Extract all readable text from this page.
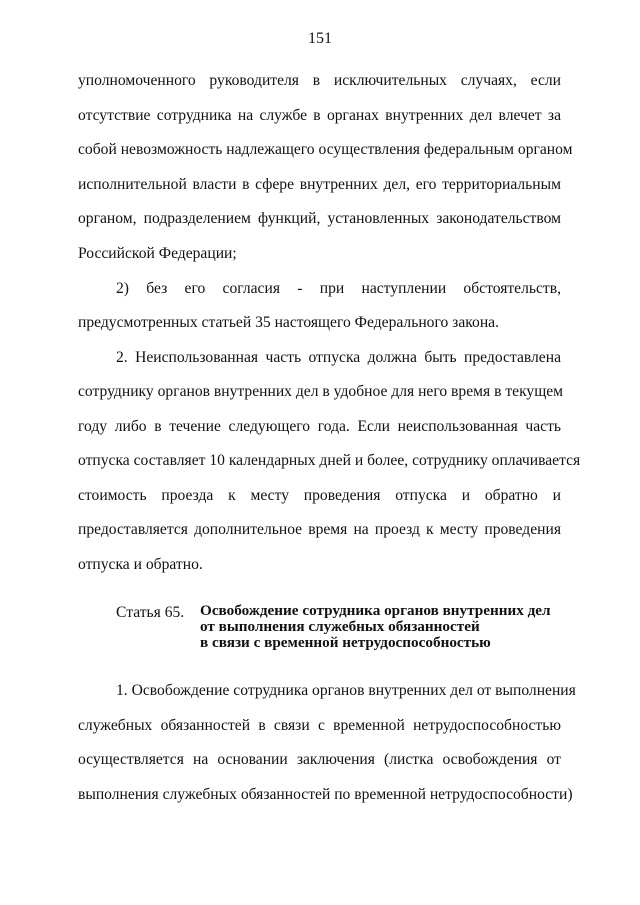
151
уполномоченного руководителя в исключительных случаях, если
отсутствие сотрудника на службе в органах внутренних дел влечет за
собой невозможность надлежащего осуществления федеральным органом
исполнительной власти в сфере внутренних дел, его территориальным
органом, подразделением функций, установленных законодательством
Российской Федерации;
2) без его согласия - при наступлении обстоятельств,
предусмотренных статьей 35 настоящего Федерального закона.
2. Неиспользованная часть отпуска должна быть предоставлена
сотруднику органов внутренних дел в удобное для него время в текущем
году либо в течение следующего года. Если неиспользованная часть
отпуска составляет 10 календарных дней и более, сотруднику оплачивается
стоимость проезда к месту проведения отпуска и обратно и
предоставляется дополнительное время на проезд к месту проведения
отпуска и обратно.
Статья 65. Освобождение сотрудника органов внутренних дел
от выполнения служебных обязанностей
в связи с временной нетрудоспособностью
1. Освобождение сотрудника органов внутренних дел от выполнения
служебных обязанностей в связи с временной нетрудоспособностью
осуществляется на основании заключения (листка освобождения от
выполнения служебных обязанностей по временной нетрудоспособности)
